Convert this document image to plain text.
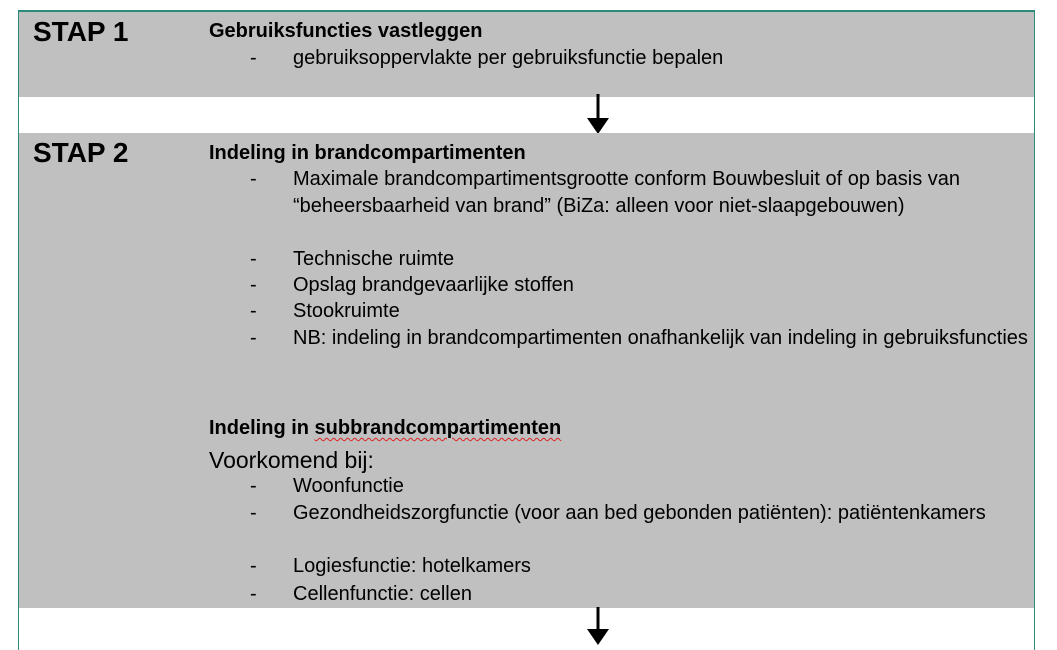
STAP 1	Gebruiksfuncties vastleggen
- gebruiksoppervlakte per gebruiksfunctie bepalen
STAP 2	Indeling in brandcompartimenten
- Maximale brandcompartimentsgrootte conform Bouwbesluit of op basis van “beheersbaarheid van brand” (BiZa: alleen voor niet-slaapgebouwen)
- Technische ruimte
- Opslag brandgevaarlijke stoffen
- Stookruimte
- NB: indeling in brandcompartimenten onafhankelijk van indeling in gebruiksfuncties
Indeling in subbrandcompartimenten
Voorkomend bij:
- Woonfunctie
- Gezondheidszorgfunctie (voor aan bed gebonden patiënten): patiëntenkamers
- Logiesfunctie: hotelkamers
- Cellenfunctie: cellen
